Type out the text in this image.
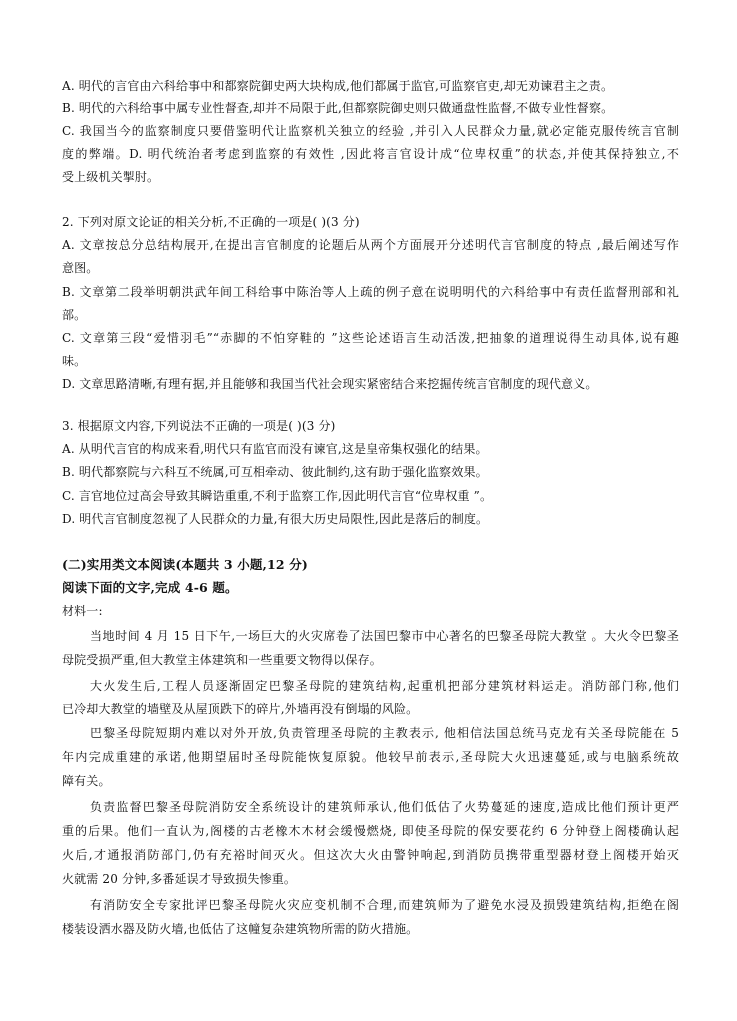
A. 明代的言官由六科给事中和都察院御史两大块构成,他们都属于监官,可监察官吏,却无劝谏君主之责。
B. 明代的六科给事中属专业性督查,却并不局限于此,但都察院御史则只做通盘性监督,不做专业性督察。
C. 我国当今的监察制度只要借鉴明代让监察机关独立的经验 ,并引入人民群众力量,就必定能克服传统言官制
度的弊端。D. 明代统治者考虑到监察的有效性 ,因此将言官设计成“位卑权重”的状态,并使其保持独立,不
受上级机关掣肘。
2. 下列对原文论证的相关分析,不正确的一项是( )(3 分)
A. 文章按总分总结构展开,在提出言官制度的论题后从两个方面展开分述明代言官制度的特点 ,最后阐述写作
意图。
B. 文章第二段举明朝洪武年间工科给事中陈治等人上疏的例子意在说明明代的六科给事中有责任监督刑部和礼
部。
C. 文章第三段“爱惜羽毛”“赤脚的不怕穿鞋的 ”这些论述语言生动活泼,把抽象的道理说得生动具体,说有趣
味。
D. 文章思路清晰,有理有据,并且能够和我国当代社会现实紧密结合来挖掘传统言官制度的现代意义。
3. 根据原文内容,下列说法不正确的一项是( )(3 分)
A. 从明代言官的构成来看,明代只有监官而没有谏官,这是皇帝集权强化的结果。
B. 明代都察院与六科互不统属,可互相牵动、彼此制约,这有助于强化监察效果。
C. 言官地位过高会导致其瞬诰重重,不利于监察工作,因此明代言官“位卑权重 ”。
D. 明代言官制度忽视了人民群众的力量,有很大历史局限性,因此是落后的制度。
(二)实用类文本阅读(本题共 3 小题,12 分)
阅读下面的文字,完成 4-6 题。
材料一:
当地时间 4 月 15 日下午,一场巨大的火灾席卷了法国巴黎市中心著名的巴黎圣母院大教堂 。大火令巴黎圣
母院受损严重,但大教堂主体建筑和一些重要文物得以保存。
大火发生后,工程人员逐渐固定巴黎圣母院的建筑结构,起重机把部分建筑材料运走。消防部门称,他们
已冷却大教堂的墙壁及从屋顶跌下的碎片,外墙再没有倒塌的风险。
巴黎圣母院短期内难以对外开放,负责管理圣母院的主教表示, 他相信法国总统马克龙有关圣母院能在 5
年内完成重建的承诺,他期望届时圣母院能恢复原貌。他较早前表示,圣母院大火迅速蔓延,或与电脑系统故
障有关。
负责监督巴黎圣母院消防安全系统设计的建筑师承认,他们低估了火势蔓延的速度,造成比他们预计更严
重的后果。他们一直认为,阁楼的古老橡木木材会缓慢燃烧, 即使圣母院的保安要花约 6 分钟登上阁楼确认起
火后,才通报消防部门,仍有充裕时间灭火。但这次大火由警钟响起,到消防员携带重型器材登上阁楼开始灭
火就需 20 分钟,多番延误才导致损失惨重。
有消防安全专家批评巴黎圣母院火灾应变机制不合理,而建筑师为了避免水浸及损毁建筑结构,拒绝在阁
楼装设洒水器及防火墙,也低估了这幢复杂建筑物所需的防火措施。
